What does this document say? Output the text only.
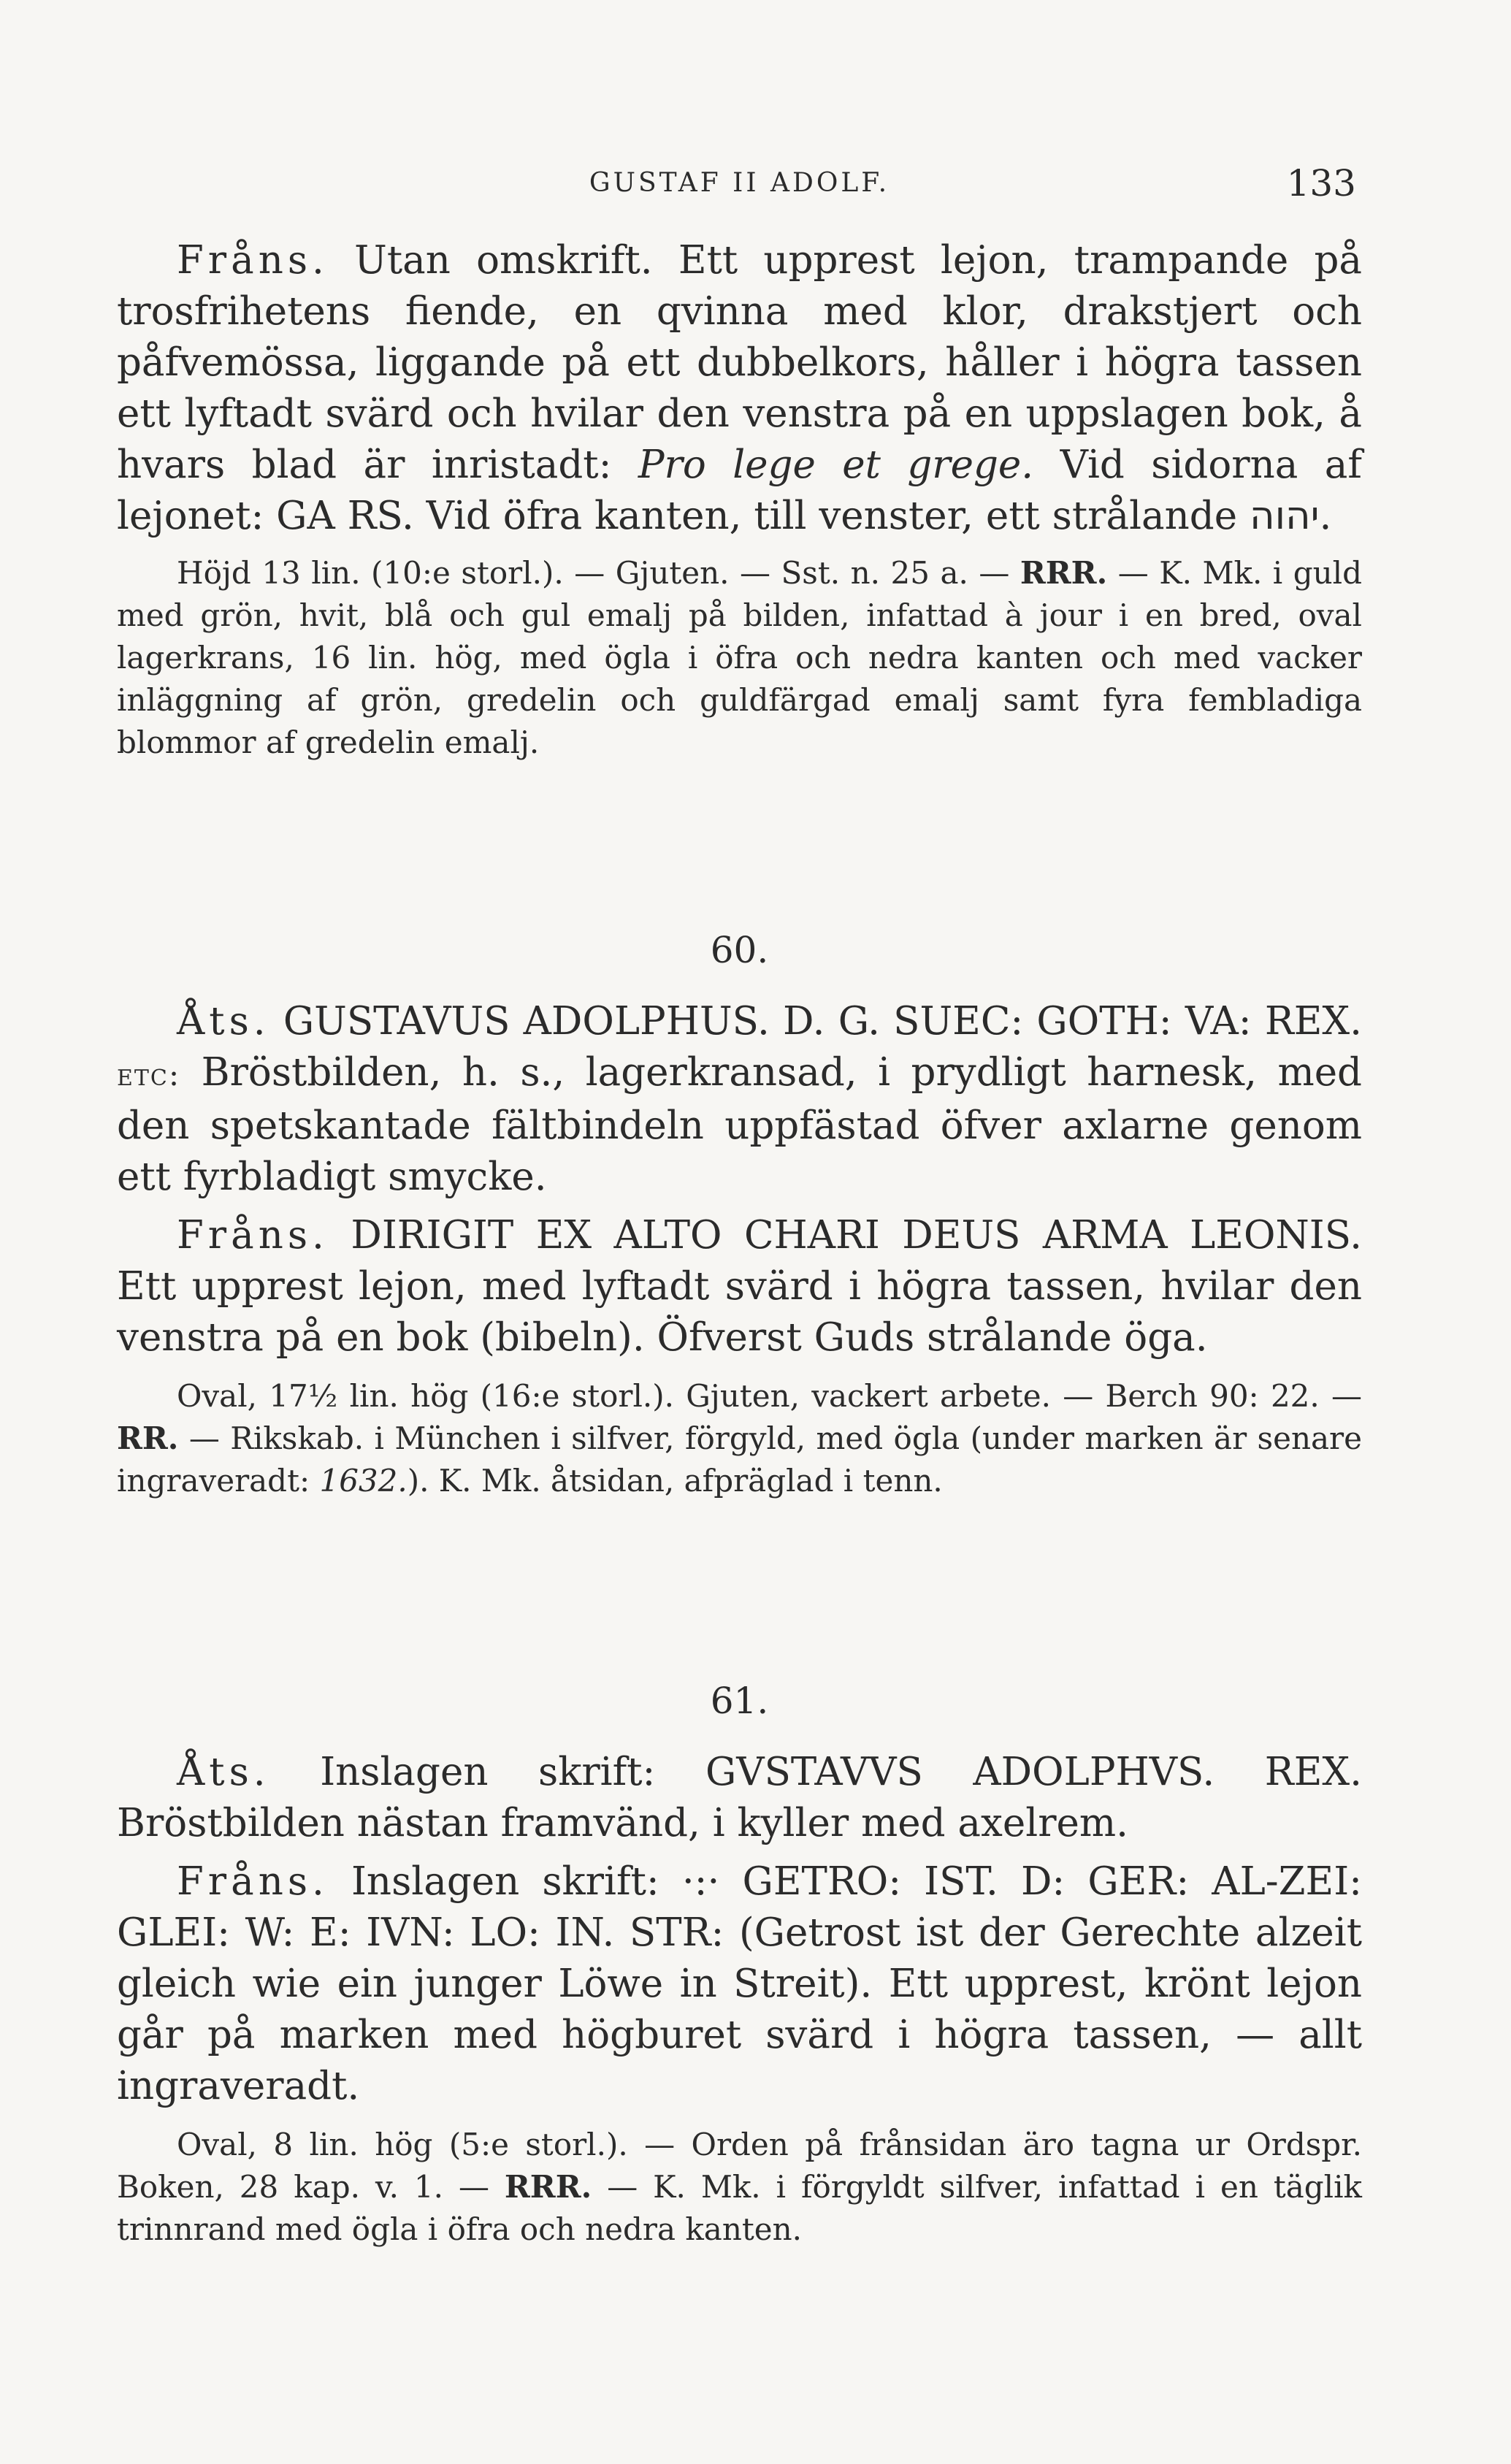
GUSTAF II ADOLF.	133

Fråns. Utan omskrift. Ett upprest lejon, trampande på trosfrihetens fiende, en qvinna med klor, drakstjert och påfvemössa, liggande på ett dubbelkors, håller i högra tassen ett lyftadt svärd och hvilar den venstra på en uppslagen bok, å hvars blad är inristadt: Pro lege et grege. Vid sidorna af lejonet: GA RS. Vid öfra kanten, till venster, ett strålande יהוה.

Höjd 13 lin. (10:e storl.). — Gjuten. — Sst. n. 25 a. — RRR. — K. Mk. i guld med grön, hvit, blå och gul emalj på bilden, infattad à jour i en bred, oval lagerkrans, 16 lin. hög, med ögla i öfra och nedra kanten och med vacker inläggning af grön, gredelin och guldfärgad emalj samt fyra fembladiga blommor af gredelin emalj.

60.

Åts. GUSTAVUS ADOLPHUS. D. G. SUEC: GOTH: VA: REX. etc: Bröstbilden, h. s., lagerkransad, i prydligt harnesk, med den spetskantade fältbindeln uppfästad öfver axlarne genom ett fyrbladigt smycke.

Fråns. DIRIGIT EX ALTO CHARI DEUS ARMA LEONIS. Ett upprest lejon, med lyftadt svärd i högra tassen, hvilar den venstra på en bok (bibeln). Öfverst Guds strålande öga.

Oval, 17½ lin. hög (16:e storl.). Gjuten, vackert arbete. — Berch 90: 22. — RR. — Rikskab. i München i silfver, förgyld, med ögla (under marken är senare ingraveradt: 1632.). K. Mk. åtsidan, afpräglad i tenn.

61.

Åts. Inslagen skrift: GVSTAVVS ADOLPHVS. REX. Bröstbilden nästan framvänd, i kyller med axelrem.

Fråns. Inslagen skrift: ·:· GETRO: IST. D: GER: AL-ZEI: GLEI: W: E: IVN: LO: IN. STR: (Getrost ist der Gerechte alzeit gleich wie ein junger Löwe in Streit). Ett upprest, krönt lejon går på marken med högburet svärd i högra tassen, — allt ingraveradt.

Oval, 8 lin. hög (5:e storl.). — Orden på frånsidan äro tagna ur Ordspr. Boken, 28 kap. v. 1. — RRR. — K. Mk. i förgyldt silfver, infattad i en täglik trinnrand med ögla i öfra och nedra kanten.
